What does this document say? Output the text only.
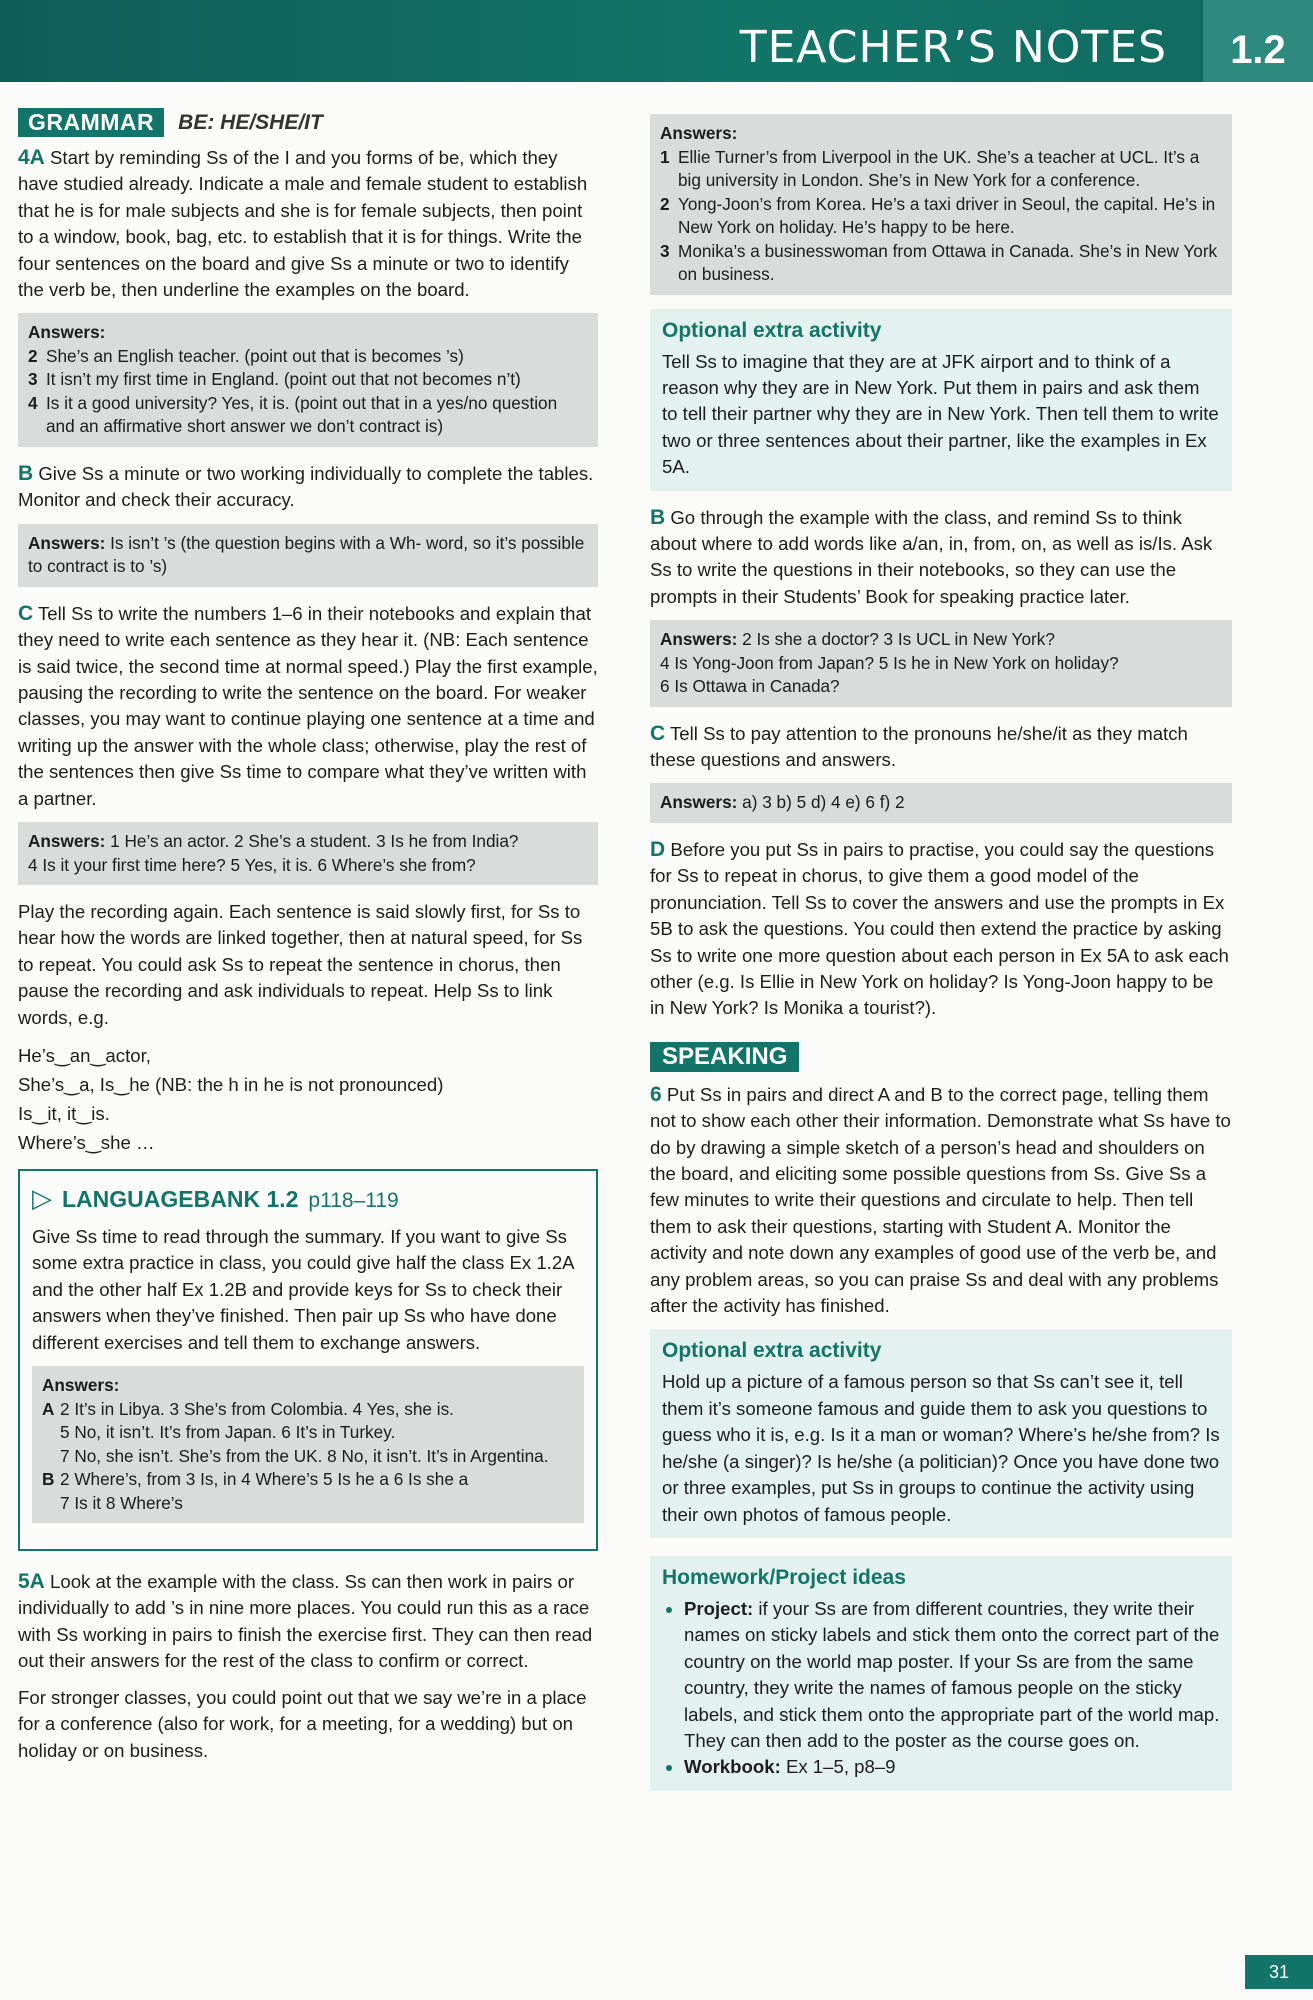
TEACHER’S NOTES	1.2
GRAMMAR	BE: HE/SHE/IT

4A Start by reminding Ss of the I and you forms of be, which they have studied already. Indicate a male and female student to establish that he is for male subjects and she is for female subjects, then point to a window, book, bag, etc. to establish that it is for things. Write the four sentences on the board and give Ss a minute or two to identify the verb be, then underline the examples on the board.

Answers:
2 She’s an English teacher. (point out that is becomes ’s)
3 It isn’t my first time in England. (point out that not becomes n’t)
4 Is it a good university? Yes, it is. (point out that in a yes/no question and an affirmative short answer we don’t contract is)

B Give Ss a minute or two working individually to complete the tables. Monitor and check their accuracy.

Answers: Is isn’t ’s (the question begins with a Wh- word, so it’s possible to contract is to ’s)

C Tell Ss to write the numbers 1–6 in their notebooks and explain that they need to write each sentence as they hear it. (NB: Each sentence is said twice, the second time at normal speed.) Play the first example, pausing the recording to write the sentence on the board. For weaker classes, you may want to continue playing one sentence at a time and writing up the answer with the whole class; otherwise, play the rest of the sentences then give Ss time to compare what they’ve written with a partner.

Answers: 1 He’s an actor. 2 She’s a student. 3 Is he from India?
4 Is it your first time here? 5 Yes, it is. 6 Where’s she from?

Play the recording again. Each sentence is said slowly first, for Ss to hear how the words are linked together, then at natural speed, for Ss to repeat. You could ask Ss to repeat the sentence in chorus, then pause the recording and ask individuals to repeat. Help Ss to link words, e.g.

He’s‿an‿actor,
She’s‿a, Is‿he (NB: the h in he is not pronounced)
Is‿it, it‿is.
Where’s‿she …
▷ LANGUAGEBANK 1.2 p118–119

Give Ss time to read through the summary. If you want to give Ss some extra practice in class, you could give half the class Ex 1.2A and the other half Ex 1.2B and provide keys for Ss to check their answers when they’ve finished. Then pair up Ss who have done different exercises and tell them to exchange answers.

Answers:
A 2 It’s in Libya. 3 She’s from Colombia. 4 Yes, she is.
5 No, it isn’t. It’s from Japan. 6 It’s in Turkey.
7 No, she isn’t. She’s from the UK. 8 No, it isn’t. It’s in Argentina.
B 2 Where’s, from 3 Is, in 4 Where’s 5 Is he a 6 Is she a
7 Is it 8 Where’s

5A Look at the example with the class. Ss can then work in pairs or individually to add ’s in nine more places. You could run this as a race with Ss working in pairs to finish the exercise first. They can then read out their answers for the rest of the class to confirm or correct.

For stronger classes, you could point out that we say we’re in a place for a conference (also for work, for a meeting, for a wedding) but on holiday or on business.

Answers:
1 Ellie Turner’s from Liverpool in the UK. She’s a teacher at UCL. It’s a big university in London. She’s in New York for a conference.
2 Yong-Joon’s from Korea. He’s a taxi driver in Seoul, the capital. He’s in New York on holiday. He’s happy to be here.
3 Monika’s a businesswoman from Ottawa in Canada. She’s in New York on business.
Optional extra activity

Tell Ss to imagine that they are at JFK airport and to think of a reason why they are in New York. Put them in pairs and ask them to tell their partner why they are in New York. Then tell them to write two or three sentences about their partner, like the examples in Ex 5A.

B Go through the example with the class, and remind Ss to think about where to add words like a/an, in, from, on, as well as is/Is. Ask Ss to write the questions in their notebooks, so they can use the prompts in their Students’ Book for speaking practice later.

Answers: 2 Is she a doctor? 3 Is UCL in New York?
4 Is Yong-Joon from Japan? 5 Is he in New York on holiday?
6 Is Ottawa in Canada?

C Tell Ss to pay attention to the pronouns he/she/it as they match these questions and answers.

Answers: a) 3 b) 5 d) 4 e) 6 f) 2

D Before you put Ss in pairs to practise, you could say the questions for Ss to repeat in chorus, to give them a good model of the pronunciation. Tell Ss to cover the answers and use the prompts in Ex 5B to ask the questions. You could then extend the practice by asking Ss to write one more question about each person in Ex 5A to ask each other (e.g. Is Ellie in New York on holiday? Is Yong-Joon happy to be in New York? Is Monika a tourist?).

SPEAKING

6 Put Ss in pairs and direct A and B to the correct page, telling them not to show each other their information. Demonstrate what Ss have to do by drawing a simple sketch of a person’s head and shoulders on the board, and eliciting some possible questions from Ss. Give Ss a few minutes to write their questions and circulate to help. Then tell them to ask their questions, starting with Student A. Monitor the activity and note down any examples of good use of the verb be, and any problem areas, so you can praise Ss and deal with any problems after the activity has finished.

Optional extra activity

Hold up a picture of a famous person so that Ss can’t see it, tell them it’s someone famous and guide them to ask you questions to guess who it is, e.g. Is it a man or woman? Where’s he/she from? Is he/she (a singer)? Is he/she (a politician)? Once you have done two or three examples, put Ss in groups to continue the activity using their own photos of famous people.

Homework/Project ideas
• Project: if your Ss are from different countries, they write their names on sticky labels and stick them onto the correct part of the country on the world map poster. If your Ss are from the same country, they write the names of famous people on the sticky labels, and stick them onto the appropriate part of the world map. They can then add to the poster as the course goes on.
• Workbook: Ex 1–5, p8–9
31
